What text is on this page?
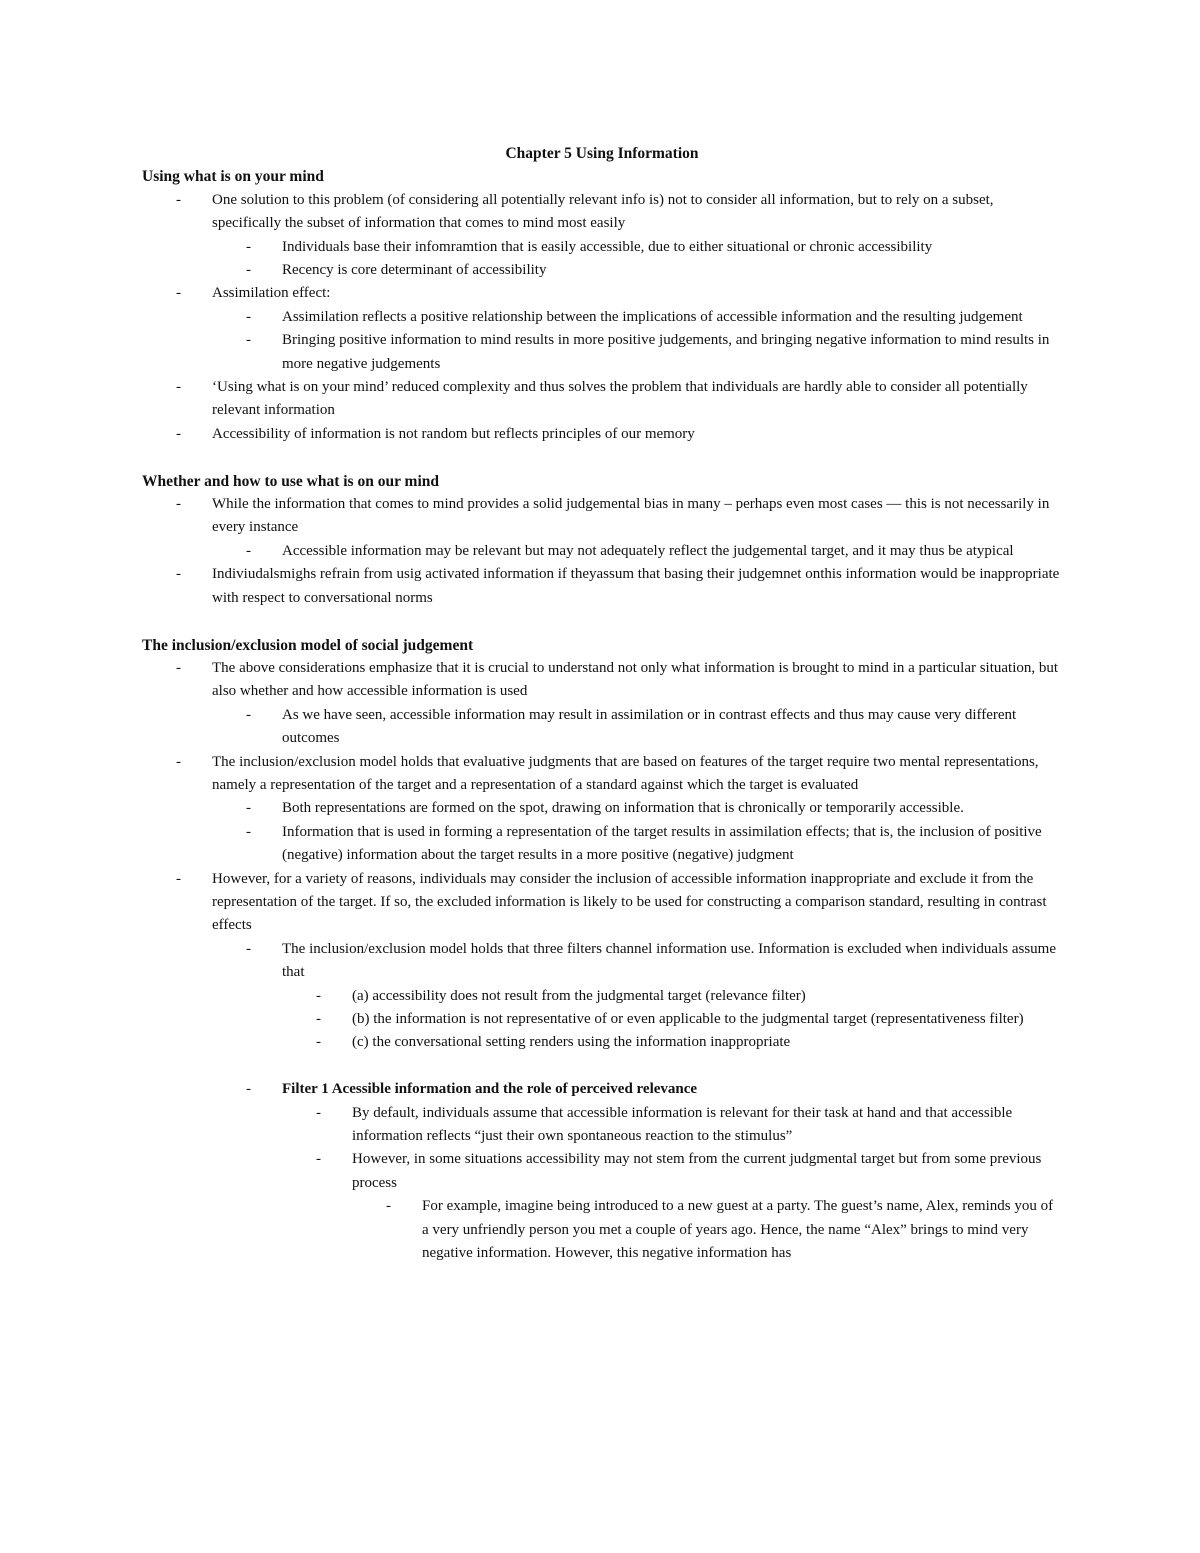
Chapter 5 Using Information
Using what is on your mind
- One solution to this problem (of considering all potentially relevant info is) not to consider all information, but to rely on a subset, specifically the subset of information that comes to mind most easily
- Individuals base their infomramtion that is easily accessible, due to either situational or chronic accessibility
- Recency is core determinant of accessibility
- Assimilation effect:
- Assimilation reflects a positive relationship between the implications of accessible information and the resulting judgement
- Bringing positive information to mind results in more positive judgements, and bringing negative information to mind results in more negative judgements
- ‘Using what is on your mind’ reduced complexity and thus solves the problem that individuals are hardly able to consider all potentially relevant information
- Accessibility of information is not random but reflects principles of our memory
Whether and how to use what is on our mind
- While the information that comes to mind provides a solid judgemental bias in many – perhaps even most cases — this is not necessarily in every instance
- Accessible information may be relevant but may not adequately reflect the judgemental target, and it may thus be atypical
- Indiviudalsmighs refrain from usig activated information if theyassum that basing their judgemnet onthis information would be inappropriate with respect to conversational norms
The inclusion/exclusion model of social judgement
- The above considerations emphasize that it is crucial to understand not only what information is brought to mind in a particular situation, but also whether and how accessible information is used
- As we have seen, accessible information may result in assimilation or in contrast effects and thus may cause very different outcomes
- The inclusion/exclusion model holds that evaluative judgments that are based on features of the target require two mental representations, namely a representation of the target and a representation of a standard against which the target is evaluated
- Both representations are formed on the spot, drawing on information that is chronically or temporarily accessible.
- Information that is used in forming a representation of the target results in assimilation effects; that is, the inclusion of positive (negative) information about the target results in a more positive (negative) judgment
- However, for a variety of reasons, individuals may consider the inclusion of accessible information inappropriate and exclude it from the representation of the target. If so, the excluded information is likely to be used for constructing a comparison standard, resulting in contrast effects
- The inclusion/exclusion model holds that three filters channel information use. Information is excluded when individuals assume that
- (a) accessibility does not result from the judgmental target (relevance filter)
- (b) the information is not representative of or even applicable to the judgmental target (representativeness filter)
- (c) the conversational setting renders using the information inappropriate
- Filter 1 Acessible information and the role of perceived relevance
- By default, individuals assume that accessible information is relevant for their task at hand and that accessible information reflects “just their own spontaneous reaction to the stimulus”
- However, in some situations accessibility may not stem from the current judgmental target but from some previous process
- For example, imagine being introduced to a new guest at a party. The guest’s name, Alex, reminds you of a very unfriendly person you met a couple of years ago. Hence, the name “Alex” brings to mind very negative information. However, this negative information has
